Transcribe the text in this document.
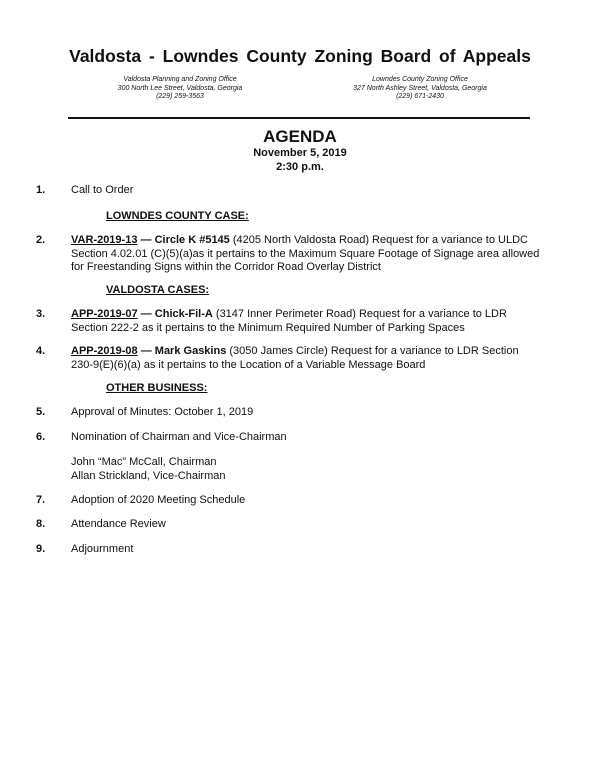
Valdosta - Lowndes County Zoning Board of Appeals
Valdosta Planning and Zoning Office
300 North Lee Street, Valdosta, Georgia
(229) 259-3563
Lowndes County Zoning Office
327 North Ashley Street, Valdosta, Georgia
(229) 671-2430
AGENDA
November 5, 2019
2:30 p.m.
1. Call to Order
LOWNDES COUNTY CASE:
2. VAR-2019-13 — Circle K #5145 (4205 North Valdosta Road) Request for a variance to ULDC Section 4.02.01 (C)(5)(a)as it pertains to the Maximum Square Footage of Signage area allowed for Freestanding Signs within the Corridor Road Overlay District
VALDOSTA CASES:
3. APP-2019-07 — Chick-Fil-A (3147 Inner Perimeter Road) Request for a variance to LDR Section 222-2 as it pertains to the Minimum Required Number of Parking Spaces
4. APP-2019-08 — Mark Gaskins (3050 James Circle) Request for a variance to LDR Section 230-9(E)(6)(a) as it pertains to the Location of a Variable Message Board
OTHER BUSINESS:
5. Approval of Minutes: October 1, 2019
6. Nomination of Chairman and Vice-Chairman
John “Mac” McCall, Chairman
Allan Strickland, Vice-Chairman
7. Adoption of 2020 Meeting Schedule
8. Attendance Review
9. Adjournment
